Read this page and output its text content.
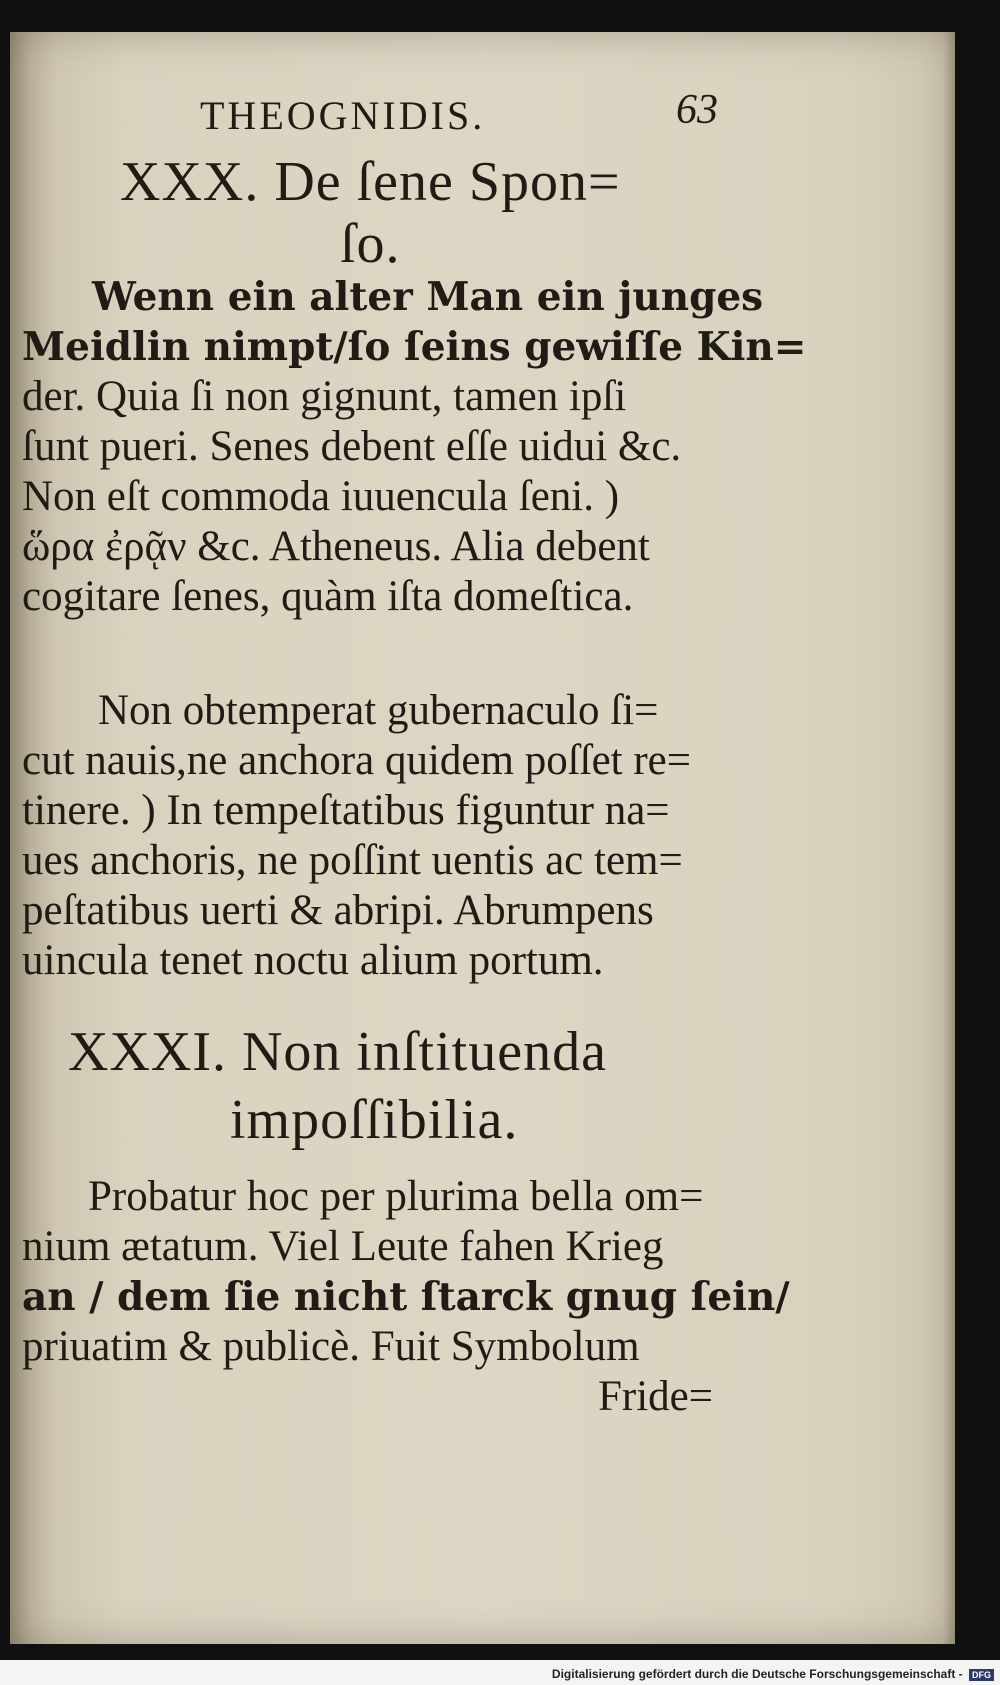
THEOGNIDIS.	63
XXX. De ſene Spon=
ſo.
Wenn ein alter Man ein junges
Meidlin nimpt/ſo ſeins gewiſſe Kin=
der. Quia ſi non gignunt, tamen ipſi
ſunt pueri. Senes debent eſſe uidui &c.
Non eſt commoda iuuencula ſeni. )
ὥρα ἐρᾷν &c. Atheneus. Alia debent
cogitare ſenes, quàm iſta domeſtica.
Non obtemperat gubernaculo ſi=
cut nauis,ne anchora quidem poſſet re=
tinere. ) In tempeſtatibus figuntur na=
ues anchoris, ne poſſint uentis ac tem=
peſtatibus uerti & abripi. Abrumpens
uincula tenet noctu alium portum.
XXXI. Non inſtituenda
impoſſibilia.
Probatur hoc per plurima bella om=
nium ætatum. Viel Leute fahen Krieg
an / dem ſie nicht ſtarck gnug ſein/
priuatim & publicè. Fuit Symbolum
Fride=
Digitalisierung gefördert durch die Deutsche Forschungsgemeinschaft - DFG
